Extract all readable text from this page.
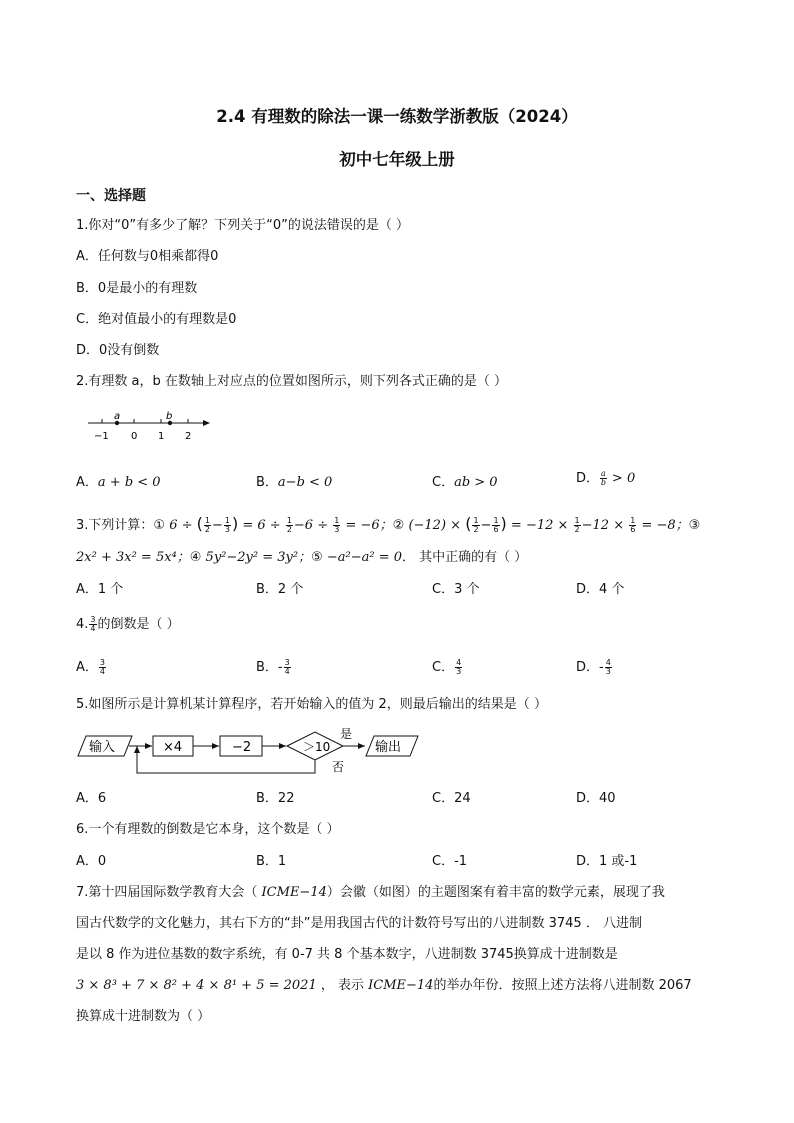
2.4 有理数的除法一课一练数学浙教版（2024）
初中七年级上册
一、选择题
1.你对“0”有多少了解？下列关于“0”的说法错误的是（ ）
A．任何数与0相乘都得0
B．0是最小的有理数
C．绝对值最小的有理数是0
D．0没有倒数
2.有理数 a，b 在数轴上对应点的位置如图所示，则下列各式正确的是（ ）
a	b
−1 0 1 2
A．a + b < 0	B．a−b < 0	C．ab > 0	D． $\frac{a}{b} > 0$
3.下列计算：① 6 ÷ ( $\frac{1}{2} - \frac{1}{3}$ ) = $6 \div \frac{1}{2} -6 \div \frac{1}{3} = -6$；② (−12) × ( $\frac{1}{2} - \frac{1}{6}$ ) = $-12 \times \frac{1}{2} -12 \times \frac{1}{6} = -8$；③
2x² + 3x² = 5x⁴；④ 5y²−2y² = 3y²；⑤ −a²−a² = 0． 其中正确的有（ ）
A．1 个	B．2 个	C．3 个	D．4 个
4. $\frac{3}{4}$ 的倒数是（ ）
A． $\frac{3}{4}$	B．- $\frac{3}{4}$	C． $\frac{4}{3}$	D．- $\frac{4}{3}$
5.如图所示是计算机某计算程序，若开始输入的值为 2，则最后输出的结果是（ ）
输入	×4	−2	＞10
是
否
输出
A．6	B．22	C．24	D．40
6.一个有理数的倒数是它本身，这个数是（ ）
A．0	B．1	C．-1	D．1 或-1
7.第十四届国际数学教育大会（ ICME−14）会徽（如图）的主题图案有着丰富的数学元素，展现了我
国古代数学的文化魅力，其右下方的“卦”是用我国古代的计数符号写出的八进制数 3745 ． 八进制
是以 8 作为进位基数的数字系统，有 0-7 共 8 个基本数字，八进制数 3745换算成十进制数是
3 × 8³ + 7 × 8² + 4 × 8¹ + 5 = 2021 ， 表示 ICME−14的举办年份．按照上述方法将八进制数 2067
换算成十进制数为（ ）
